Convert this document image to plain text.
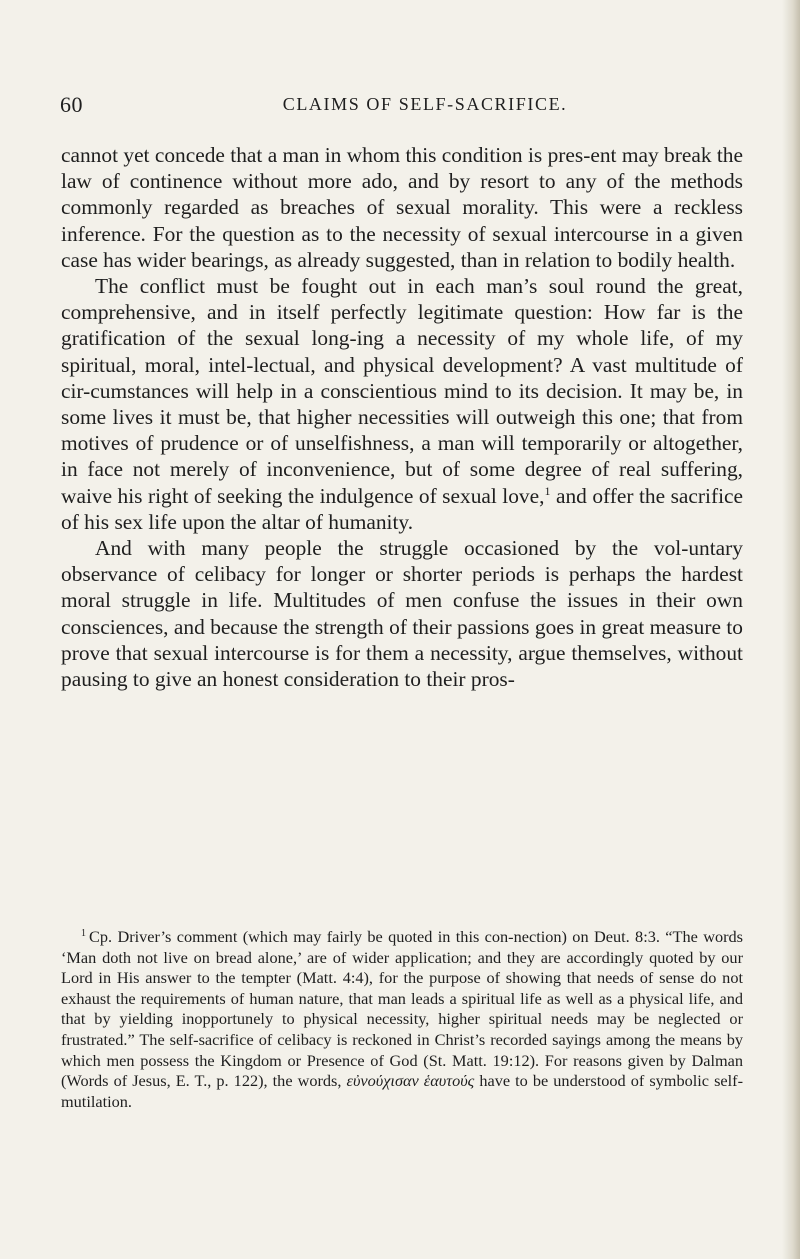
60	CLAIMS OF SELF-SACRIFICE.

cannot yet concede that a man in whom this condition is pres-ent may break the law of continence without more ado, and by resort to any of the methods commonly regarded as breaches of sexual morality. This were a reckless inference. For the question as to the necessity of sexual intercourse in a given case has wider bearings, as already suggested, than in relation to bodily health.

The conflict must be fought out in each man’s soul round the great, comprehensive, and in itself perfectly legitimate question: How far is the gratification of the sexual long-ing a necessity of my whole life, of my spiritual, moral, intel-lectual, and physical development? A vast multitude of cir-cumstances will help in a conscientious mind to its decision. It may be, in some lives it must be, that higher necessities will outweigh this one; that from motives of prudence or of unselfishness, a man will temporarily or altogether, in face not merely of inconvenience, but of some degree of real suffering, waive his right of seeking the indulgence of sexual love,$^1$ and offer the sacrifice of his sex life upon the altar of humanity.

And with many people the struggle occasioned by the vol-untary observance of celibacy for longer or shorter periods is perhaps the hardest moral struggle in life. Multitudes of men confuse the issues in their own consciences, and because the strength of their passions goes in great measure to prove that sexual intercourse is for them a necessity, argue themselves, without pausing to give an honest consideration to their pros-

$^1$ Cp. Driver’s comment (which may fairly be quoted in this con-nection) on Deut. 8:3. “The words ‘Man doth not live on bread alone,’ are of wider application; and they are accordingly quoted by our Lord in His answer to the tempter (Matt. 4:4), for the purpose of showing that needs of sense do not exhaust the requirements of human nature, that man leads a spiritual life as well as a physical life, and that by yielding inopportunely to physical necessity, higher spiritual needs may be neglected or frustrated.” The self-sacrifice of celibacy is reckoned in Christ’s recorded sayings among the means by which men possess the Kingdom or Presence of God (St. Matt. 19:12). For reasons given by Dalman (Words of Jesus, E. T., p. 122), the words, εὐνούχισαν ἑαυτούς have to be understood of symbolic self-mutilation.
